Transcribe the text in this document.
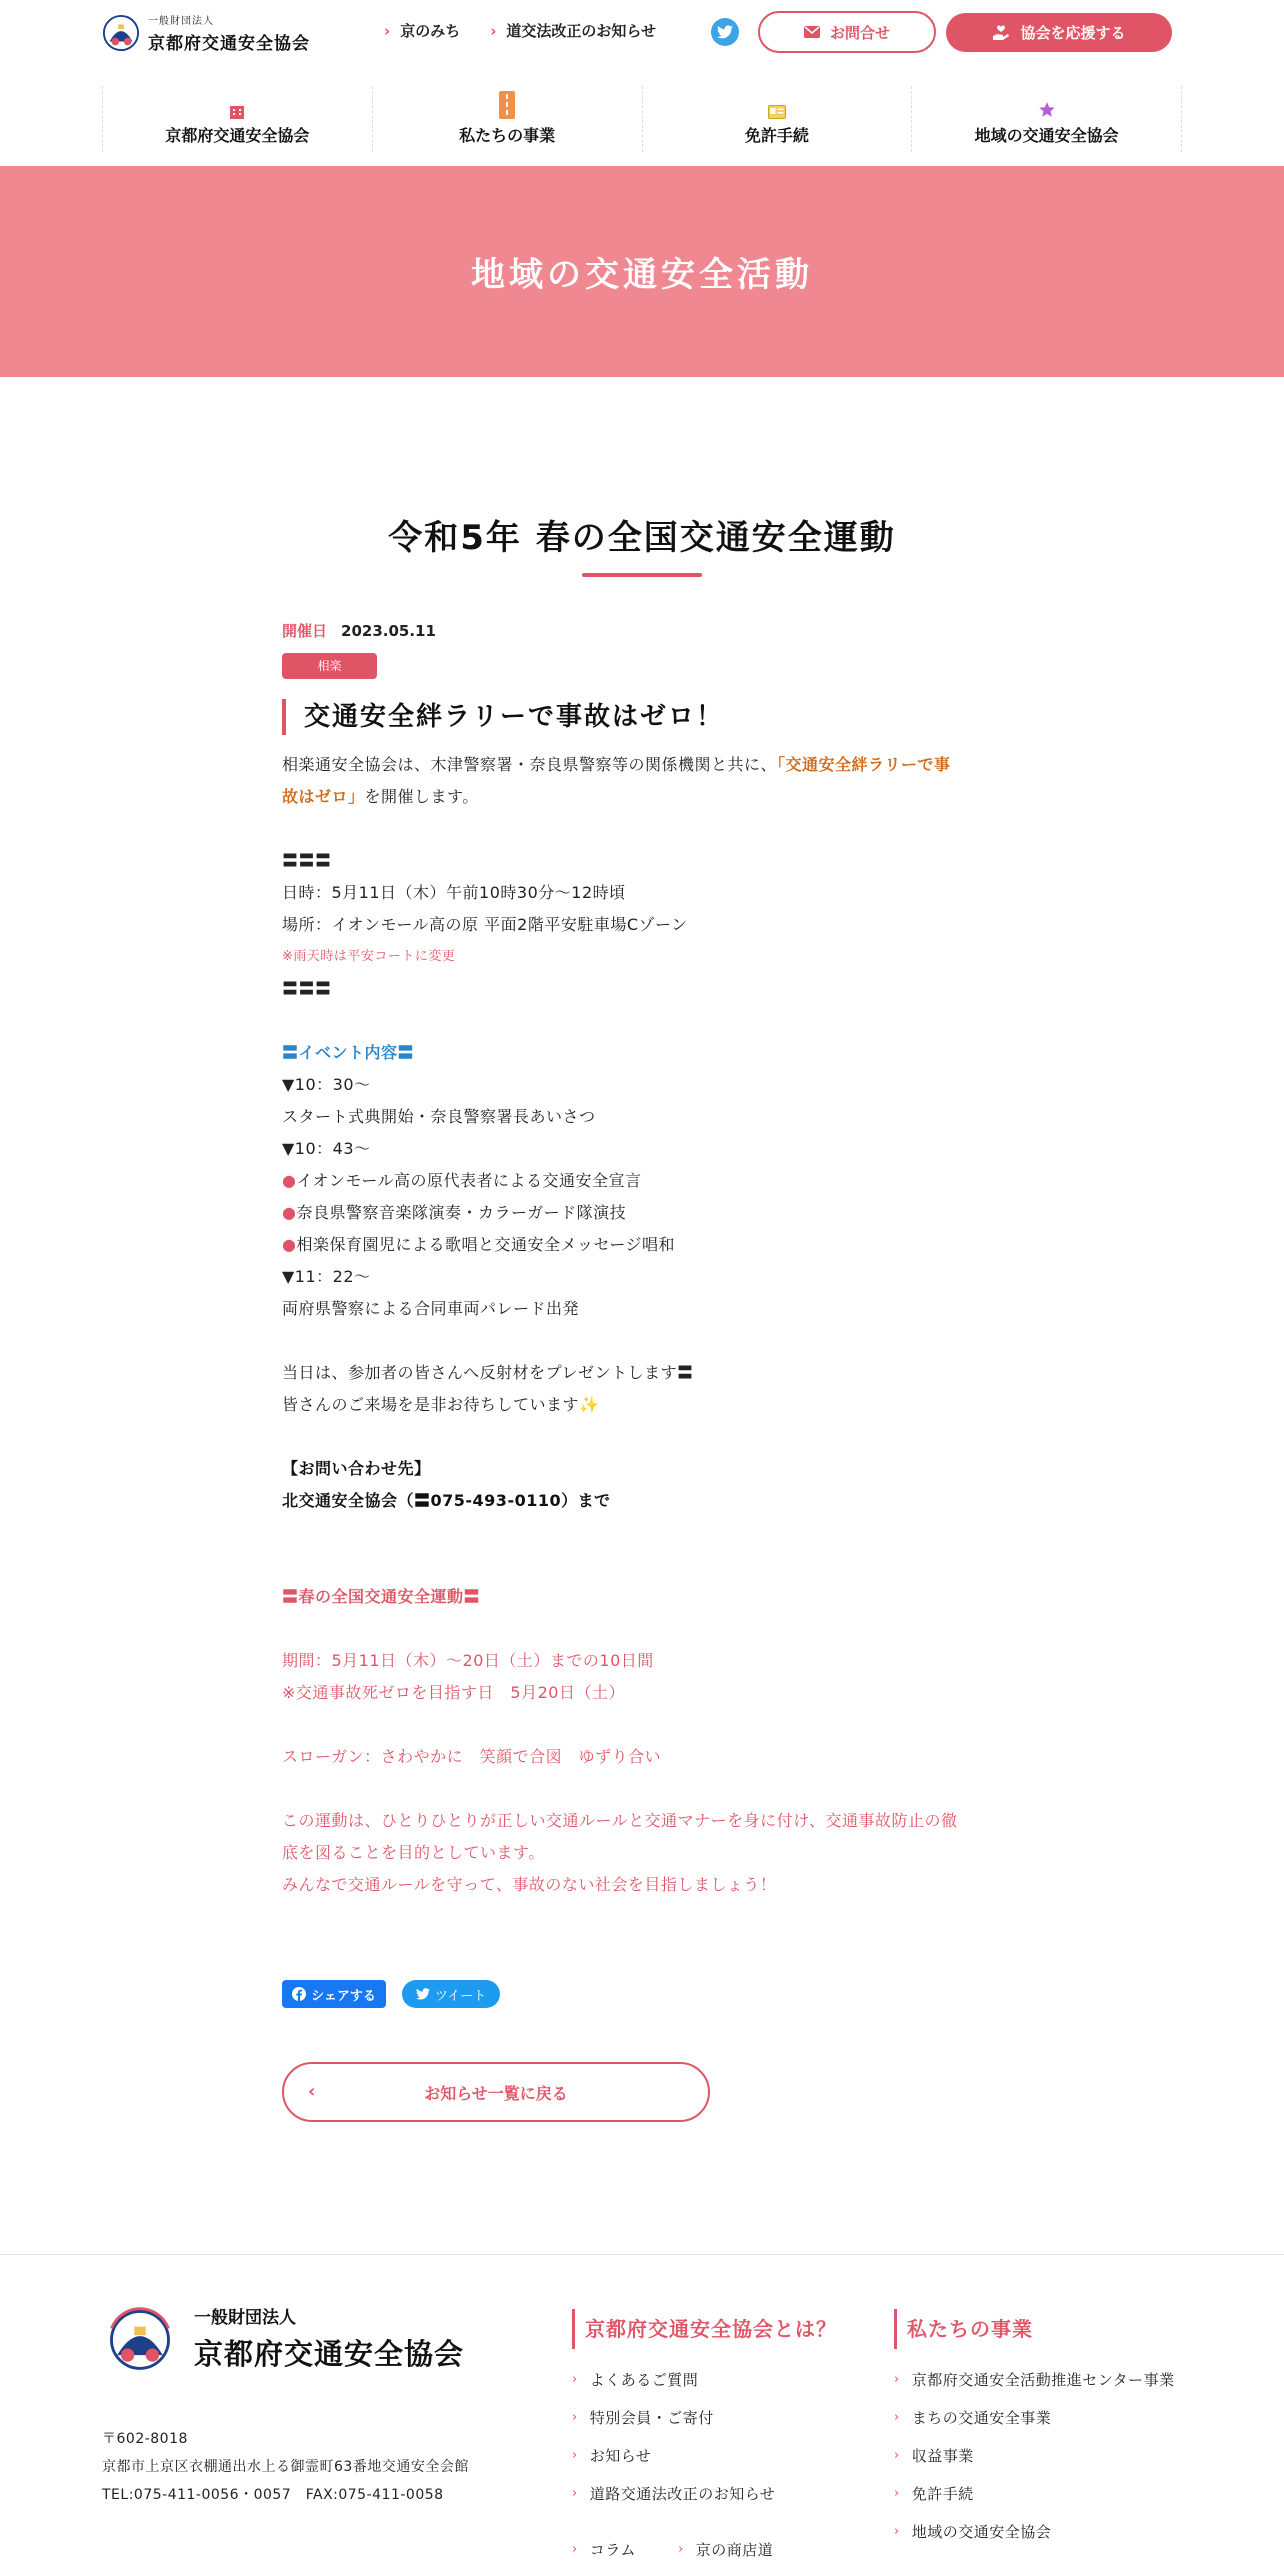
一般財団法人
京都府交通安全協会
› 京のみち › 道交法改正のお知らせ	お問合せ	協会を応援する
京都府交通安全協会	私たちの事業	免許手続	地域の交通安全協会
地域の交通安全活動
令和5年 春の全国交通安全運動
開催日 2023.05.11
相楽
交通安全絆ラリーで事故はゼロ！
相楽通安全協会は、木津警察署・奈良県警察等の関係機関と共に、「交通安全絆ラリーで事
故はゼロ」を開催します。
〓〓〓
日時：5月11日（木）午前10時30分～12時頃
場所：イオンモール高の原 平面2階平安駐車場Cゾーン
※雨天時は平安コートに変更
〓〓〓
〓イベント内容〓
▼10：30～
スタート式典開始・奈良警察署長あいさつ
▼10：43～
●イオンモール高の原代表者による交通安全宣言
●奈良県警察音楽隊演奏・カラーガード隊演技
●相楽保育園児による歌唱と交通安全メッセージ唱和
▼11：22～
両府県警察による合同車両パレード出発
当日は、参加者の皆さんへ反射材をプレゼントします〓
皆さんのご来場を是非お待ちしています✨
【お問い合わせ先】
北交通安全協会（〓075-493-0110）まで
〓春の全国交通安全運動〓
期間：5月11日（木）～20日（土）までの10日間
※交通事故死ゼロを目指す日　5月20日（土）
スローガン：さわやかに　笑顔で合図　ゆずり合い
この運動は、ひとりひとりが正しい交通ルールと交通マナーを身に付け、交通事故防止の徹
底を図ることを目的としています。
みんなで交通ルールを守って、事故のない社会を目指しましょう！
シェアする	ツイート
‹	お知らせ一覧に戻る
一般財団法人
京都府交通安全協会
〒602-8018
京都市上京区衣棚通出水上る御霊町63番地交通安全会館
TEL:075-411-0056・0057　FAX:075-411-0058
京都府交通安全協会とは？
› よくあるご質問
› 特別会員・ご寄付
› お知らせ
› 道路交通法改正のお知らせ
› コラム	› 京の商店道
私たちの事業
› 京都府交通安全活動推進センター事業
› まちの交通安全事業
› 収益事業
› 免許手続
› 地域の交通安全協会
